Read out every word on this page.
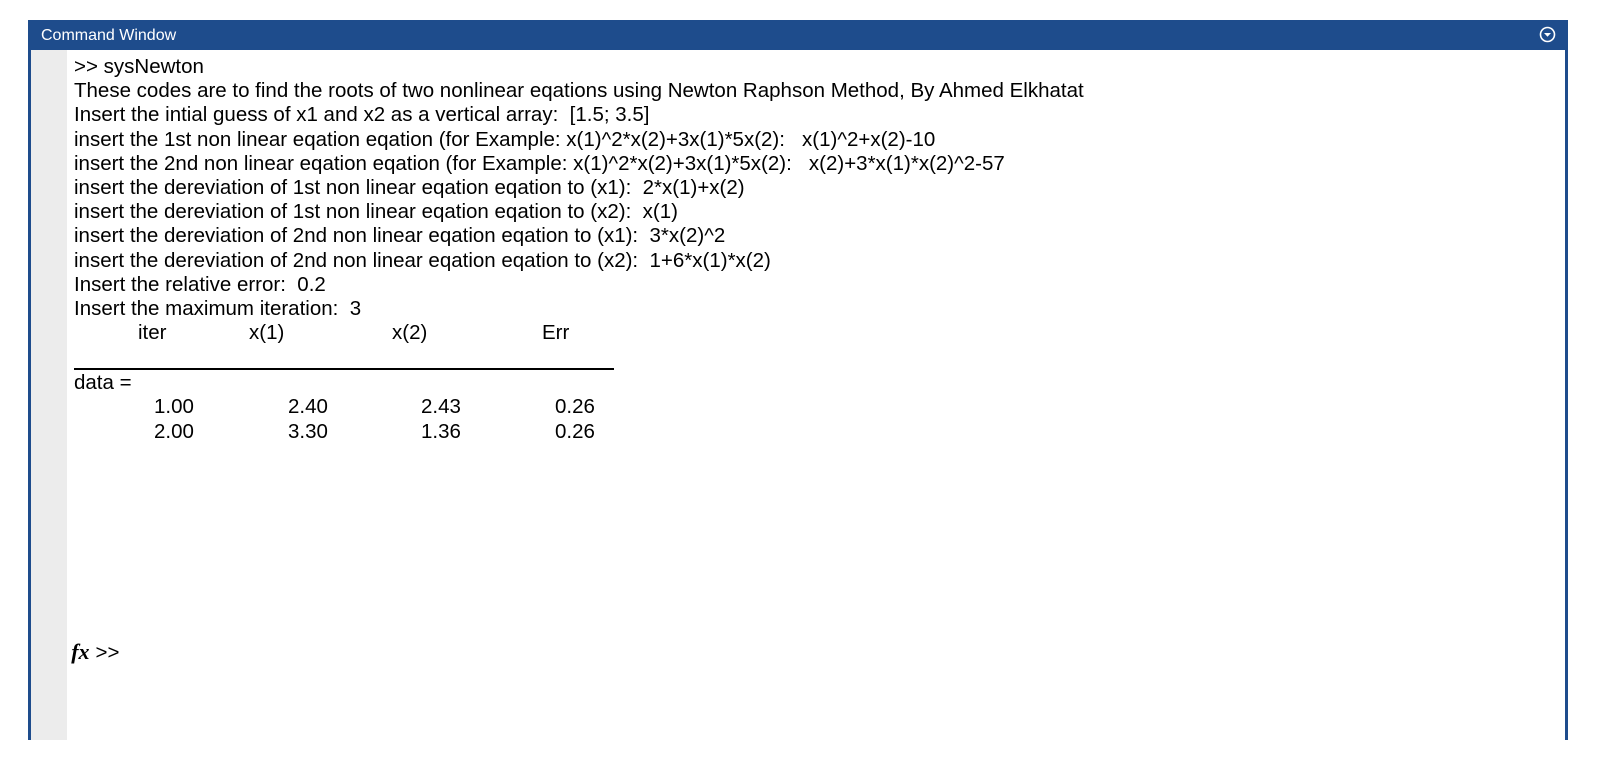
Command Window
>> sysNewton
These codes are to find the roots of two nonlinear eqations using Newton Raphson Method, By Ahmed Elkhatat
Insert the intial guess of x1 and x2 as a vertical array:  [1.5; 3.5]
insert the 1st non linear eqation eqation (for Example: x(1)^2*x(2)+3x(1)*5x(2):   x(1)^2+x(2)-10
insert the 2nd non linear eqation eqation (for Example: x(1)^2*x(2)+3x(1)*5x(2):   x(2)+3*x(1)*x(2)^2-57
insert the dereviation of 1st non linear eqation eqation to (x1):  2*x(1)+x(2)
insert the dereviation of 1st non linear eqation eqation to (x2):  x(1)
insert the dereviation of 2nd non linear eqation eqation to (x1):  3*x(2)^2
insert the dereviation of 2nd non linear eqation eqation to (x2):  1+6*x(1)*x(2)
Insert the relative error:  0.2
Insert the maximum iteration:  3
iter	x(1)	x(2)	Err
data =
1.00	2.40	2.43	0.26
2.00	3.30	1.36	0.26

fx >>
